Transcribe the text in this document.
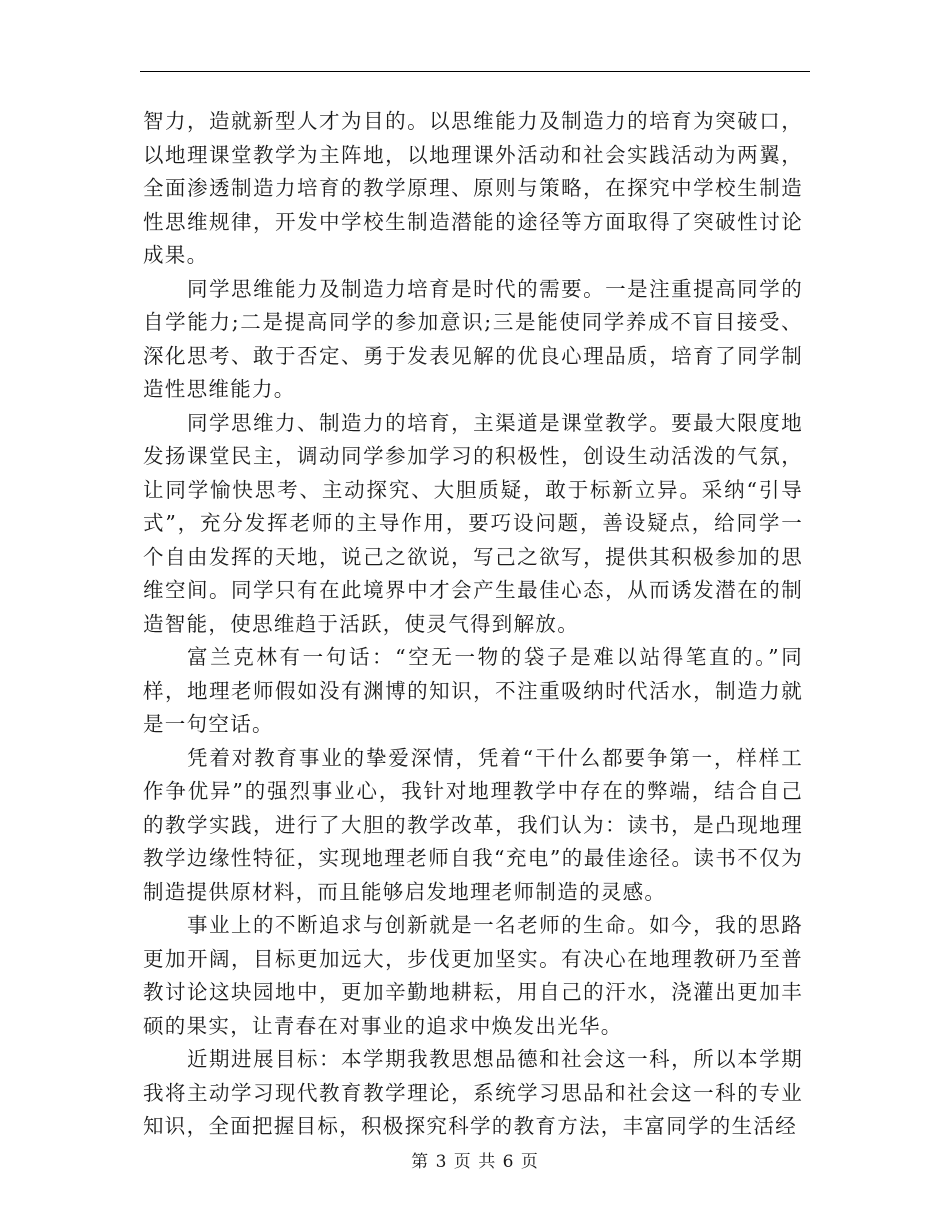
智力，造就新型人才为目的。以思维能力及制造力的培育为突破口，以地理课堂教学为主阵地，以地理课外活动和社会实践活动为两翼，全面渗透制造力培育的教学原理、原则与策略，在探究中学校生制造性思维规律，开发中学校生制造潜能的途径等方面取得了突破性讨论成果。

同学思维能力及制造力培育是时代的需要。一是注重提高同学的自学能力;二是提高同学的参加意识;三是能使同学养成不盲目接受、深化思考、敢于否定、勇于发表见解的优良心理品质，培育了同学制造性思维能力。

同学思维力、制造力的培育，主渠道是课堂教学。要最大限度地发扬课堂民主，调动同学参加学习的积极性，创设生动活泼的气氛，让同学愉快思考、主动探究、大胆质疑，敢于标新立异。采纳“引导式”，充分发挥老师的主导作用，要巧设问题，善设疑点，给同学一个自由发挥的天地，说己之欲说，写己之欲写，提供其积极参加的思维空间。同学只有在此境界中才会产生最佳心态，从而诱发潜在的制造智能，使思维趋于活跃，使灵气得到解放。

富兰克林有一句话：“空无一物的袋子是难以站得笔直的。”同样，地理老师假如没有渊博的知识，不注重吸纳时代活水，制造力就是一句空话。

凭着对教育事业的挚爱深情，凭着“干什么都要争第一，样样工作争优异”的强烈事业心，我针对地理教学中存在的弊端，结合自己的教学实践，进行了大胆的教学改革，我们认为：读书，是凸现地理教学边缘性特征，实现地理老师自我“充电”的最佳途径。读书不仅为制造提供原材料，而且能够启发地理老师制造的灵感。

事业上的不断追求与创新就是一名老师的生命。如今，我的思路更加开阔，目标更加远大，步伐更加坚实。有决心在地理教研乃至普教讨论这块园地中，更加辛勤地耕耘，用自己的汗水，浇灌出更加丰硕的果实，让青春在对事业的追求中焕发出光华。

近期进展目标：本学期我教思想品德和社会这一科，所以本学期我将主动学习现代教育教学理论，系统学习思品和社会这一科的专业知识，全面把握目标，积极探究科学的教育方法，丰富同学的生活经

第 3 页 共 6 页
